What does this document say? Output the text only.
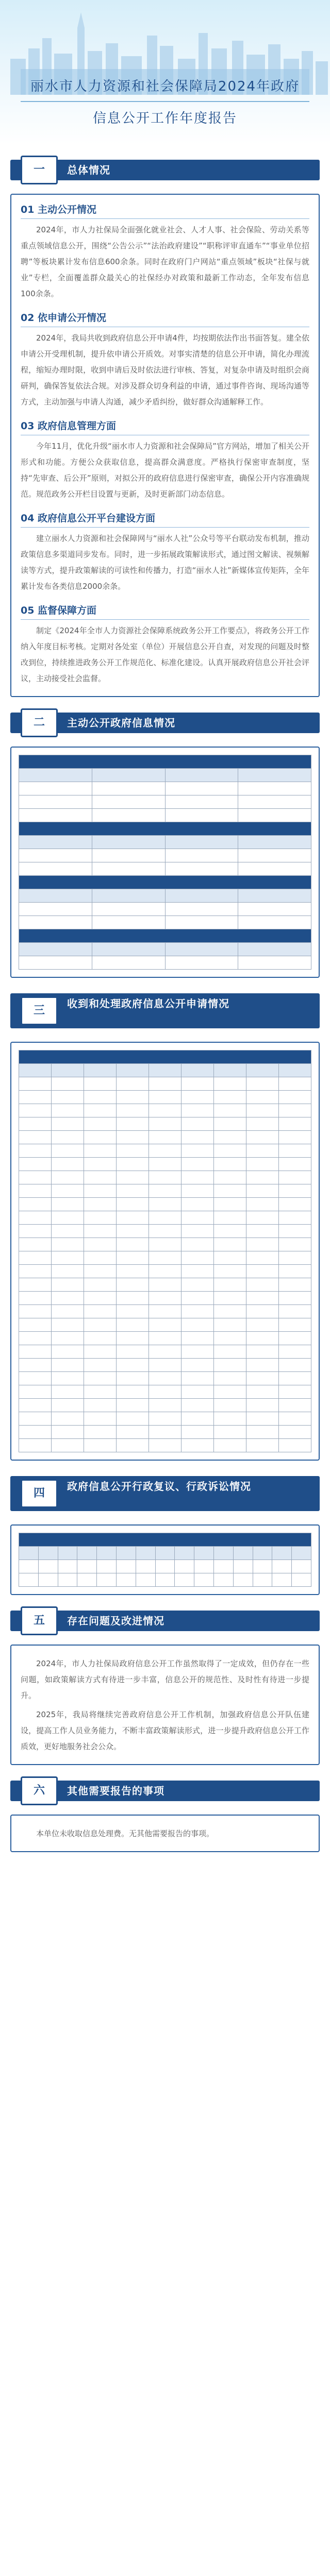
丽水市人力资源和社会保障局2024年政府
信息公开工作年度报告
一	总体情况
01 主动公开情况

2024年，市人力社保局全面强化就业社会、人才人事、社会保险、劳动关系等重点领域信息公开，围绕“公告公示”“法治政府建设”“职称评审直通车”“事业单位招聘”等板块累计发布信息600余条。同时在政府门户网站“重点领域”板块“社保与就业”专栏，全面覆盖群众最关心的社保经办对政策和最新工作动态，全年发布信息100余条。

02 依申请公开情况

2024年，我局共收到政府信息公开申请4件，均按期依法作出书面答复。建全依申请公开受理机制，提升依申请公开质效。对事实清楚的信息公开申请，简化办理流程，缩短办理时限，收到申请后及时依法进行审核、答复，对复杂申请及时组织会商研判，确保答复依法合规。对涉及群众切身利益的申请，通过事件咨询、现场沟通等方式，主动加强与申请人沟通，减少矛盾纠纷，做好群众沟通解释工作。

03 政府信息管理方面

今年11月，优化升级“丽水市人力资源和社会保障局”官方网站，增加了相关公开形式和功能。方便公众获取信息，提高群众满意度。严格执行保密审查制度，坚持“先审查、后公开”原则，对拟公开的政府信息进行保密审查，确保公开内容准确规范。规范政务公开栏目设置与更新，及时更新部门动态信息。

04 政府信息公开平台建设方面

建立丽水人力资源和社会保障网与“丽水人社”公众号等平台联动发布机制，推动政策信息多渠道同步发布。同时，进一步拓展政策解读形式，通过图文解读、视频解读等方式，提升政策解读的可读性和传播力，打造“丽水人社”新媒体宣传矩阵，全年累计发布各类信息2000余条。

05 监督保障方面

制定《2024年全市人力资源社会保障系统政务公开工作要点》，将政务公开工作纳入年度目标考核。定期对各处室（单位）开展信息公开自查，对发现的问题及时整改到位，持续推进政务公开工作规范化、标准化建设。认真开展政府信息公开社会评议，主动接受社会监督。

二	主动公开政府信息情况

三
收到和处理政府信息公开申请情况

四
政府信息公开行政复议、行政诉讼情况

五	存在问题及改进情况

2024年，市人力社保局政府信息公开工作虽然取得了一定成效，但仍存在一些问题，如政策解读方式有待进一步丰富，信息公开的规范性、及时性有待进一步提升。

2025年，我局将继续完善政府信息公开工作机制，加强政府信息公开队伍建设，提高工作人员业务能力，不断丰富政策解读形式，进一步提升政府信息公开工作质效，更好地服务社会公众。

六	其他需要报告的事项

本单位未收取信息处理费。无其他需要报告的事项。
